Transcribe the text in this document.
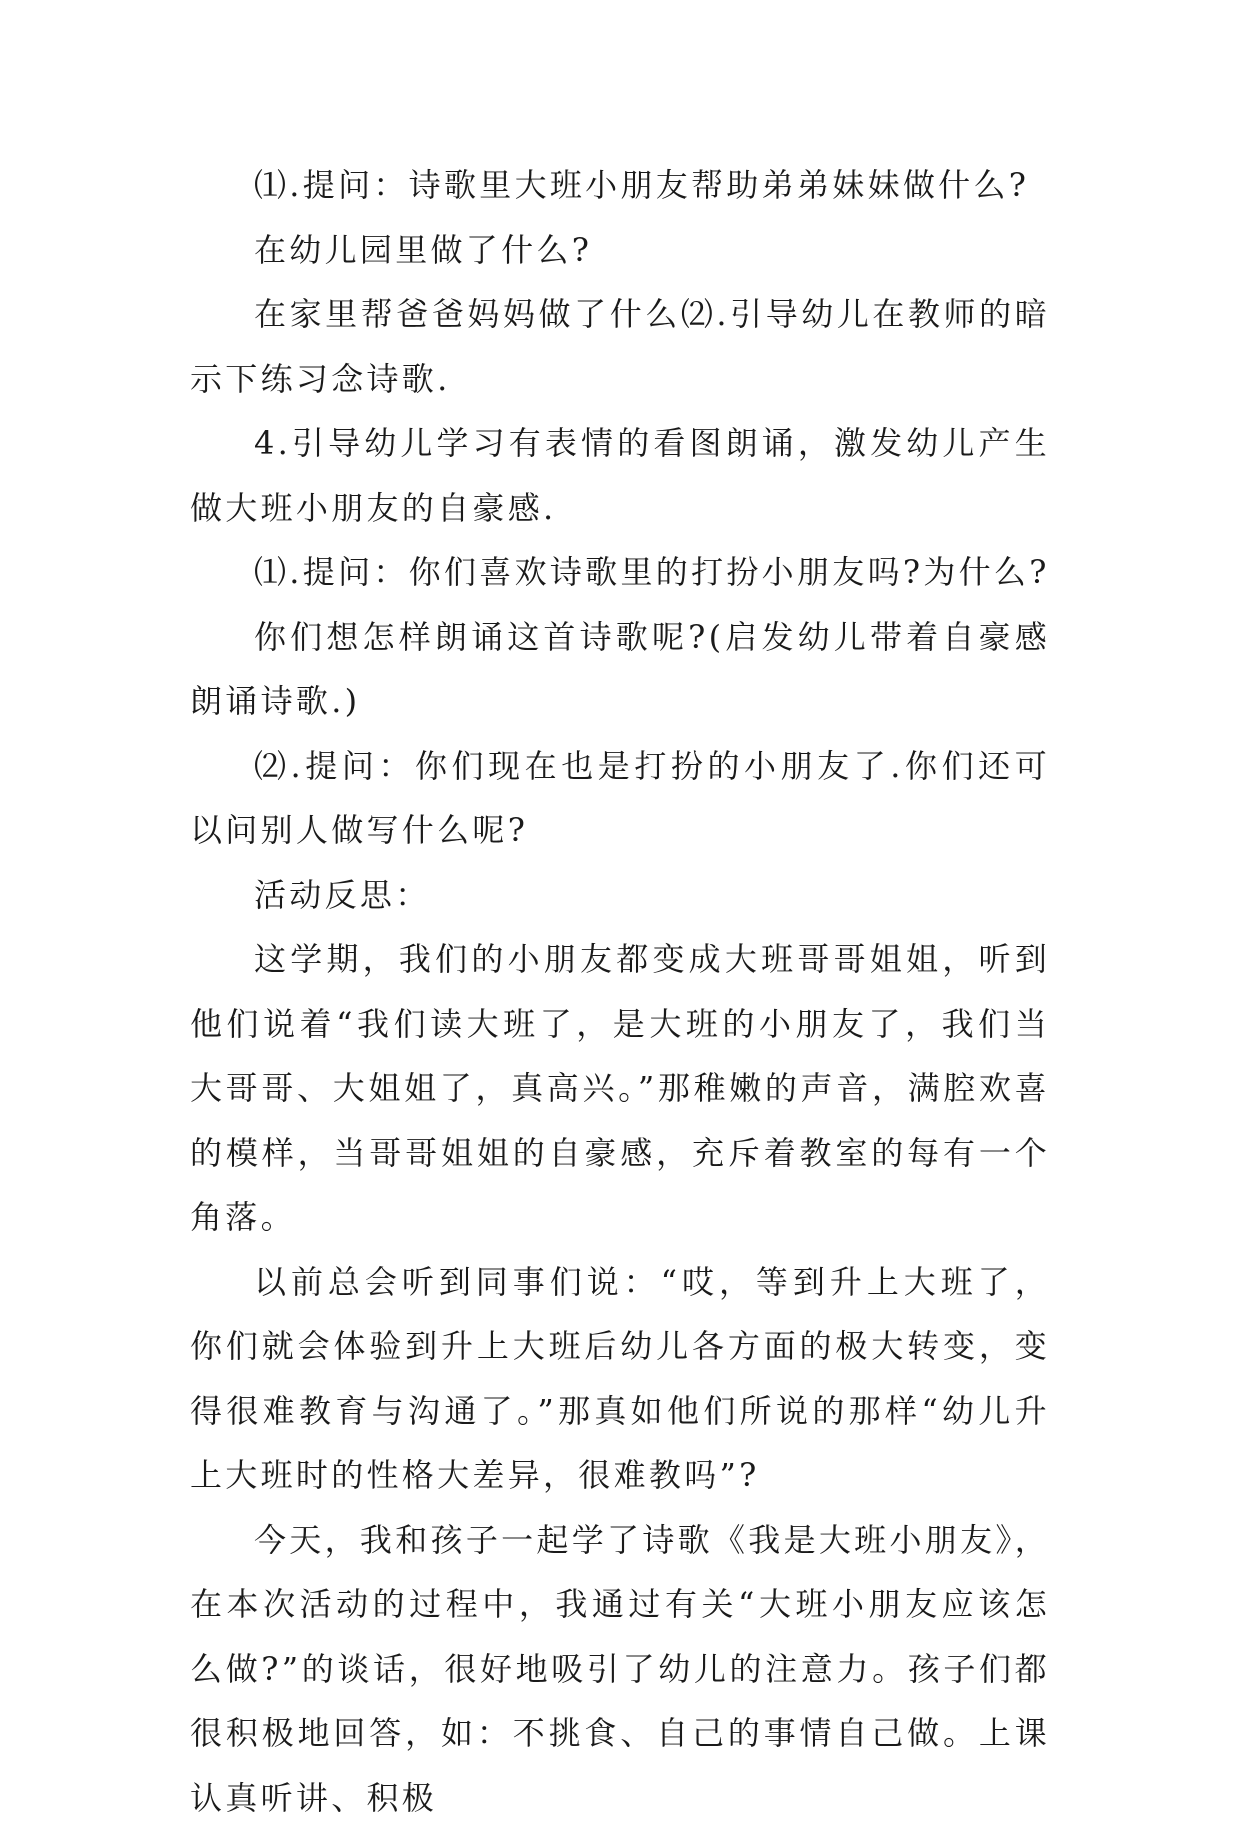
⑴.提问：诗歌里大班小朋友帮助弟弟妹妹做什么?

在幼儿园里做了什么?

在家里帮爸爸妈妈做了什么⑵.引导幼儿在教师的暗示下练习念诗歌.

4.引导幼儿学习有表情的看图朗诵，激发幼儿产生做大班小朋友的自豪感.

⑴.提问：你们喜欢诗歌里的打扮小朋友吗?为什么?

你们想怎样朗诵这首诗歌呢?(启发幼儿带着自豪感朗诵诗歌.)

⑵.提问：你们现在也是打扮的小朋友了.你们还可以问别人做写什么呢?

活动反思：

这学期，我们的小朋友都变成大班哥哥姐姐，听到他们说着“我们读大班了，是大班的小朋友了，我们当大哥哥、大姐姐了，真高兴。”那稚嫩的声音，满腔欢喜的模样，当哥哥姐姐的自豪感，充斥着教室的每有一个角落。

以前总会听到同事们说：“哎，等到升上大班了，你们就会体验到升上大班后幼儿各方面的极大转变，变得很难教育与沟通了。”那真如他们所说的那样“幼儿升上大班时的性格大差异，很难教吗”?

今天，我和孩子一起学了诗歌《我是大班小朋友》，在本次活动的过程中，我通过有关“大班小朋友应该怎么做?”的谈话，很好地吸引了幼儿的注意力。孩子们都很积极地回答，如：不挑食、自己的事情自己做。上课认真听讲、积极
